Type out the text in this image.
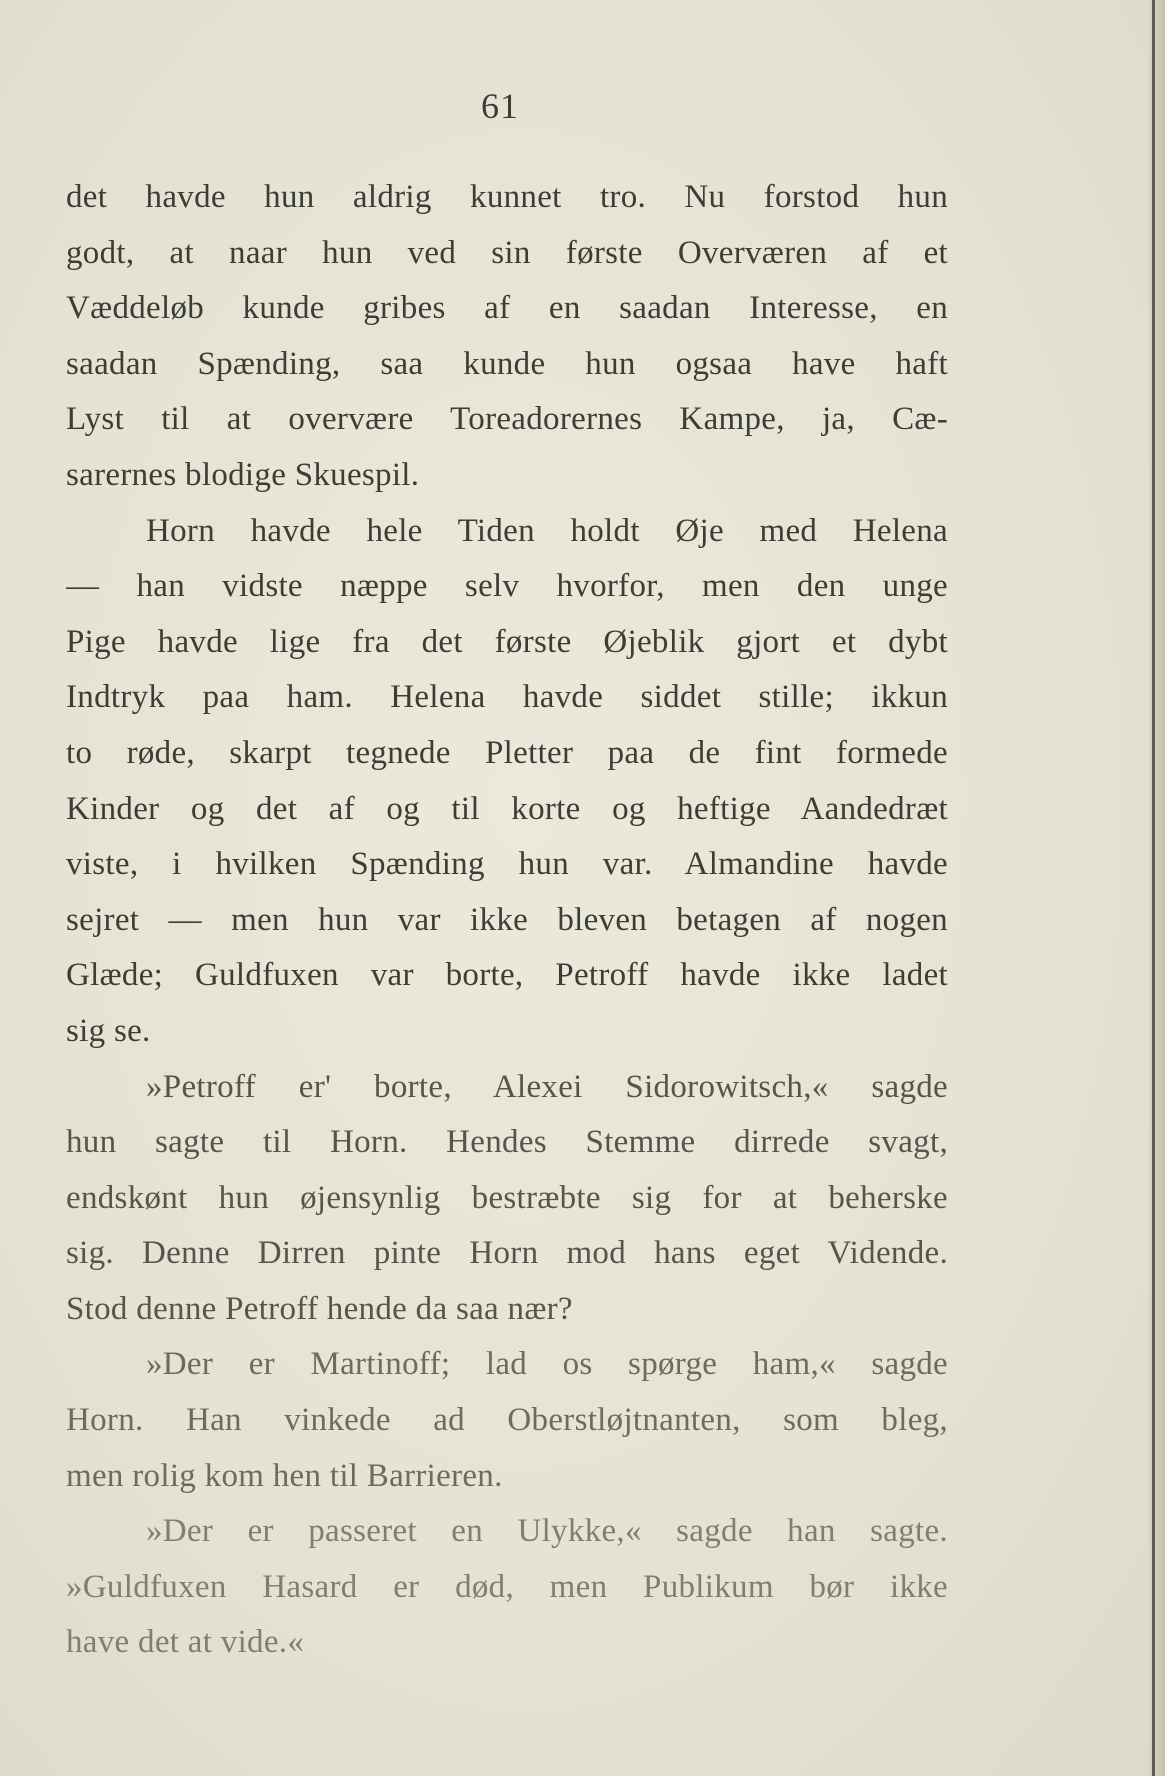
61
det havde hun aldrig kunnet tro. Nu forstod hun
godt, at naar hun ved sin første Overværen af et
Væddeløb kunde gribes af en saadan Interesse, en
saadan Spænding, saa kunde hun ogsaa have haft
Lyst til at overvære Toreadorernes Kampe, ja, Cæ-
sarernes blodige Skuespil.
Horn havde hele Tiden holdt Øje med Helena
— han vidste næppe selv hvorfor, men den unge
Pige havde lige fra det første Øjeblik gjort et dybt
Indtryk paa ham. Helena havde siddet stille; ikkun
to røde, skarpt tegnede Pletter paa de fint formede
Kinder og det af og til korte og heftige Aandedræt
viste, i hvilken Spænding hun var. Almandine havde
sejret — men hun var ikke bleven betagen af nogen
Glæde; Guldfuxen var borte, Petroff havde ikke ladet
sig se.
»Petroff er' borte, Alexei Sidorowitsch,« sagde
hun sagte til Horn. Hendes Stemme dirrede svagt,
endskønt hun øjensynlig bestræbte sig for at beherske
sig. Denne Dirren pinte Horn mod hans eget Vidende.
Stod denne Petroff hende da saa nær?
»Der er Martinoff; lad os spørge ham,« sagde
Horn. Han vinkede ad Oberstløjtnanten, som bleg,
men rolig kom hen til Barrieren.
»Der er passeret en Ulykke,« sagde han sagte.
»Guldfuxen Hasard er død, men Publikum bør ikke
have det at vide.«
